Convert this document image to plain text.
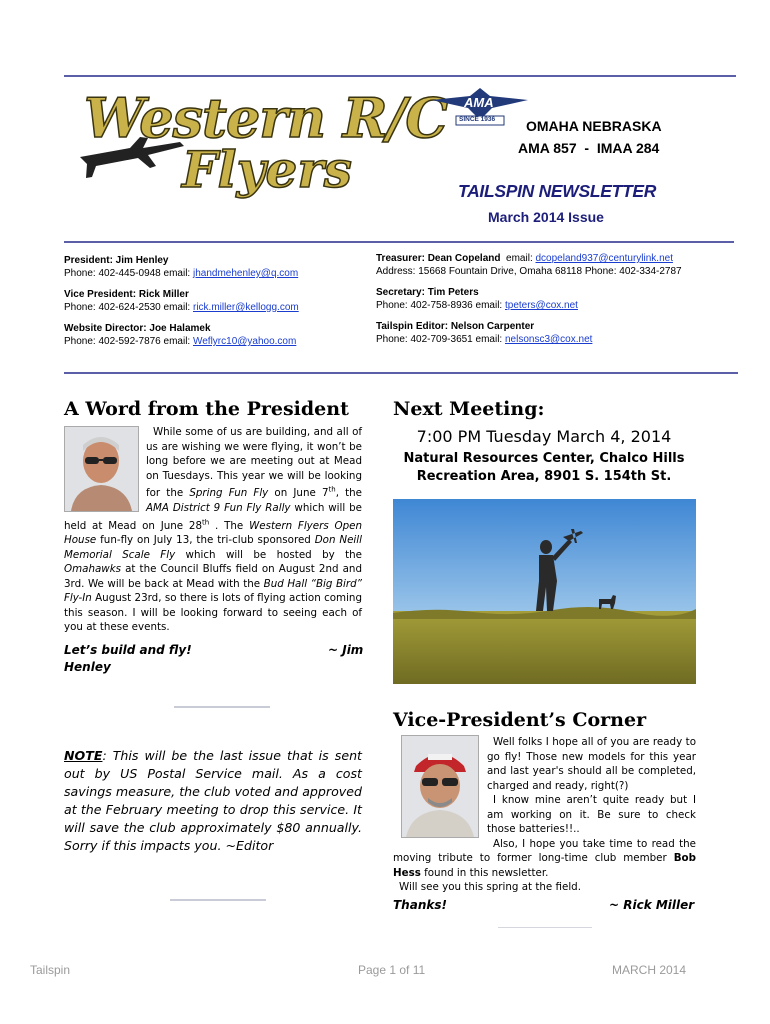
Western R/C
Flyers
AMA
SINCE 1936 OMAHA NEBRASKA
AMA 857  -  IMAA 284
TAILSPIN NEWSLETTER
March 2014 Issue
President: Jim Henley
Phone: 402-445-0948 email: jhandmehenley@q.com
Vice President: Rick Miller
Phone: 402-624-2530 email: rick.miller@kellogg.com
Website Director: Joe Halamek
Phone: 402-592-7876 email: Weflyrc10@yahoo.com
Treasurer: Dean Copeland  email: dcopeland937@centurylink.net
Address: 15668 Fountain Drive, Omaha 68118 Phone: 402-334-2787
Secretary: Tim Peters
Phone: 402-758-8936 email: tpeters@cox.net
Tailspin Editor: Nelson Carpenter
Phone: 402-709-3651 email: nelsonsc3@cox.net
A Word from the President
While some of us are building, and all of us are wishing we were flying, it won’t be long before we are meeting out at Mead on Tuesdays. This year we will be looking for the Spring Fun Fly on June 7th, the AMA District 9 Fun Fly Rally which will be held at Mead on June 28th . The Western Flyers Open House fun-fly on July 13, the tri-club sponsored Don Neill Memorial Scale Fly which will be hosted by the Omahawks at the Council Bluffs field on August 2nd and 3rd. We will be back at Mead with the Bud Hall “Big Bird” Fly-In August 23rd, so there is lots of flying action coming this season. I will be looking forward to seeing each of you at these events.
Let’s build and fly!	~ Jim
Henley
NOTE: This will be the last issue that is sent out by US Postal Service mail. As a cost savings measure, the club voted and approved at the February meeting to drop this service. It will save the club approximately $80 annually. Sorry if this impacts you. ~Editor
Next Meeting:
7:00 PM Tuesday March 4, 2014
Natural Resources Center, Chalco Hills
Recreation Area, 8901 S. 154th St.
Vice-President’s Corner
Well folks I hope all of you are ready to go fly! Those new models for this year and last year's should all be completed, charged and ready, right(?)
I know mine aren’t quite ready but I am working on it. Be sure to check those batteries!!..
Also, I hope you take time to read the moving tribute to former long-time club member Bob Hess found in this newsletter.
Will see you this spring at the field.
Thanks!	~ Rick Miller
Tailspin	Page 1 of 11	MARCH 2014
